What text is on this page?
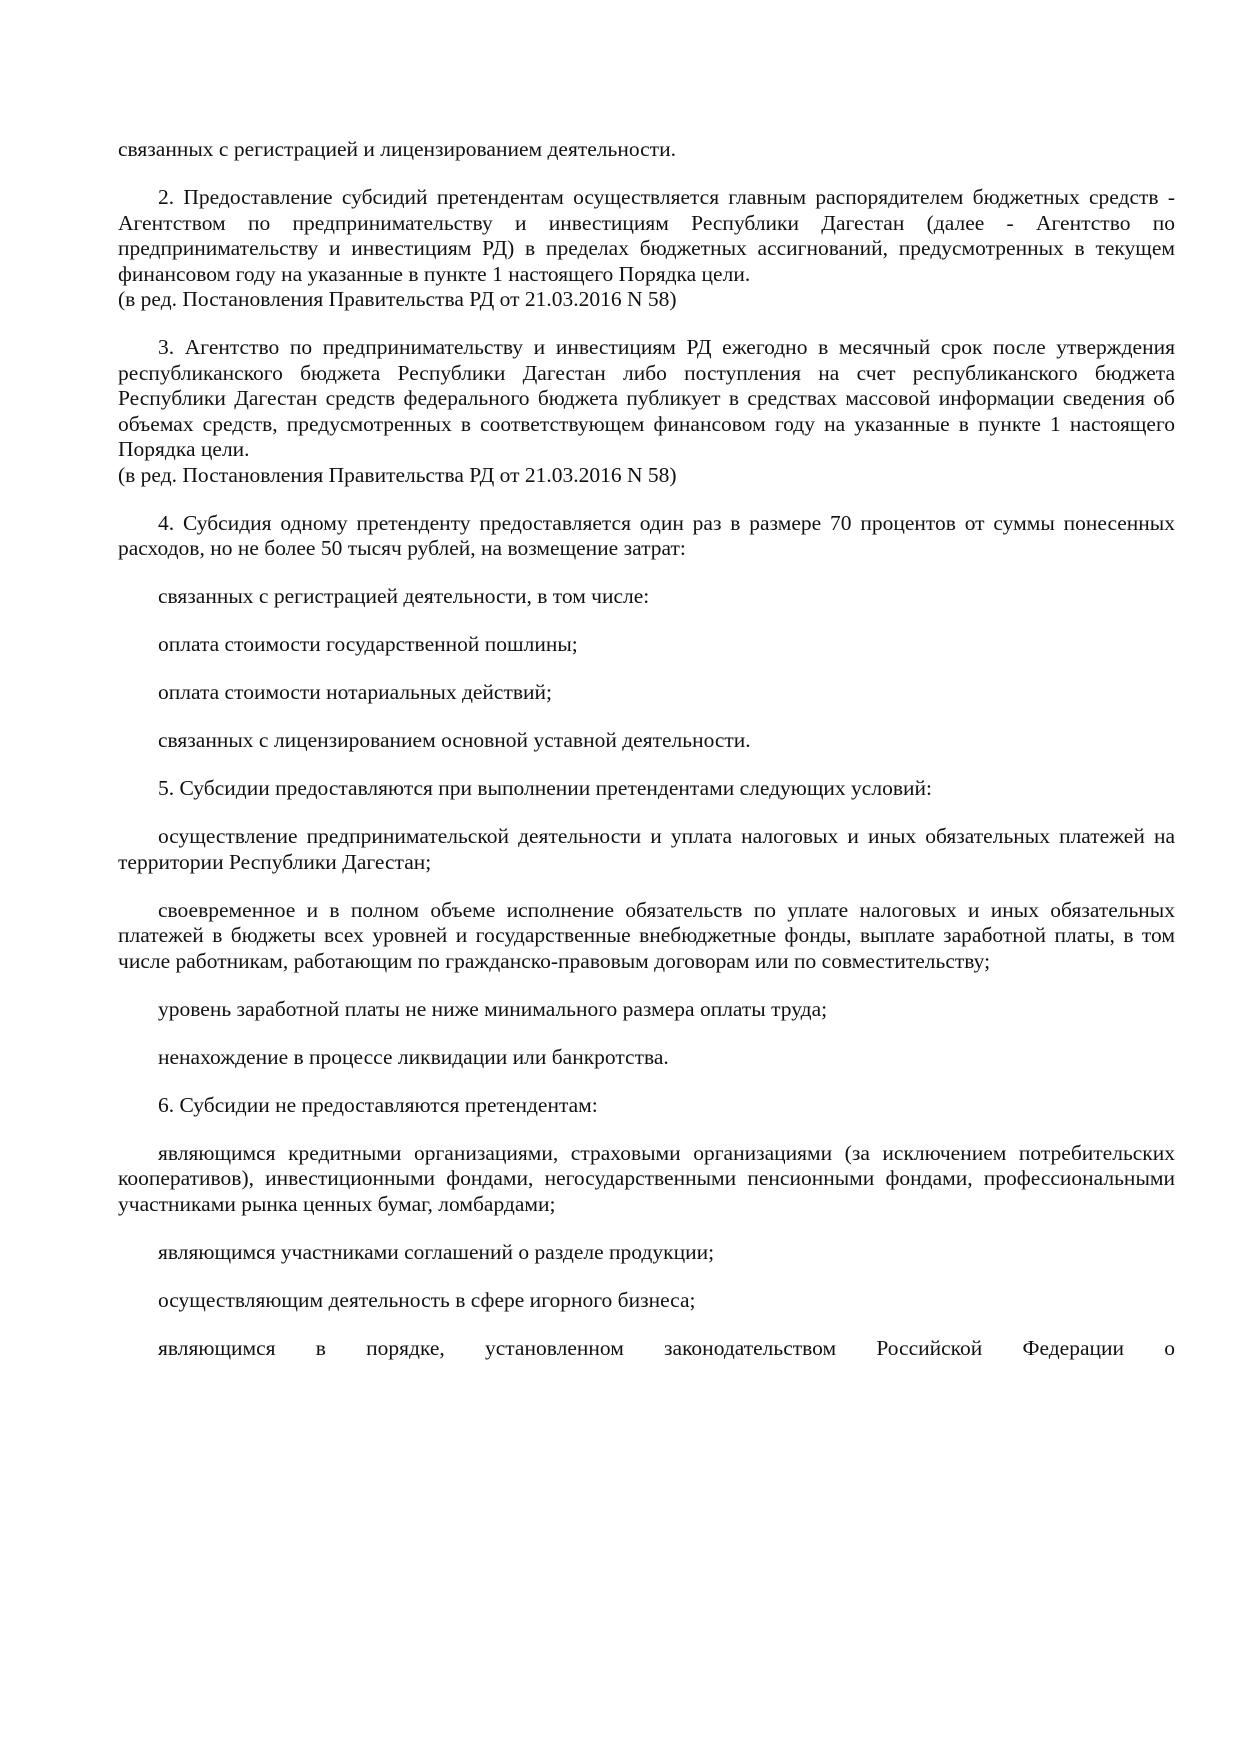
связанных с регистрацией и лицензированием деятельности.

2. Предоставление субсидий претендентам осуществляется главным распорядителем бюджетных средств - Агентством по предпринимательству и инвестициям Республики Дагестан (далее - Агентство по предпринимательству и инвестициям РД) в пределах бюджетных ассигнований, предусмотренных в текущем финансовом году на указанные в пункте 1 настоящего Порядка цели.

(в ред. Постановления Правительства РД от 21.03.2016 N 58)

3. Агентство по предпринимательству и инвестициям РД ежегодно в месячный срок после утверждения республиканского бюджета Республики Дагестан либо поступления на счет республиканского бюджета Республики Дагестан средств федерального бюджета публикует в средствах массовой информации сведения об объемах средств, предусмотренных в соответствующем финансовом году на указанные в пункте 1 настоящего Порядка цели.

(в ред. Постановления Правительства РД от 21.03.2016 N 58)

4. Субсидия одному претенденту предоставляется один раз в размере 70 процентов от суммы понесенных расходов, но не более 50 тысяч рублей, на возмещение затрат:

связанных с регистрацией деятельности, в том числе:

оплата стоимости государственной пошлины;

оплата стоимости нотариальных действий;

связанных с лицензированием основной уставной деятельности.

5. Субсидии предоставляются при выполнении претендентами следующих условий:

осуществление предпринимательской деятельности и уплата налоговых и иных обязательных платежей на территории Республики Дагестан;

своевременное и в полном объеме исполнение обязательств по уплате налоговых и иных обязательных платежей в бюджеты всех уровней и государственные внебюджетные фонды, выплате заработной платы, в том числе работникам, работающим по гражданско-правовым договорам или по совместительству;

уровень заработной платы не ниже минимального размера оплаты труда;

ненахождение в процессе ликвидации или банкротства.

6. Субсидии не предоставляются претендентам:

являющимся кредитными организациями, страховыми организациями (за исключением потребительских кооперативов), инвестиционными фондами, негосударственными пенсионными фондами, профессиональными участниками рынка ценных бумаг, ломбардами;

являющимся участниками соглашений о разделе продукции;

осуществляющим деятельность в сфере игорного бизнеса;

являющимся в порядке, установленном законодательством Российской Федерации о
